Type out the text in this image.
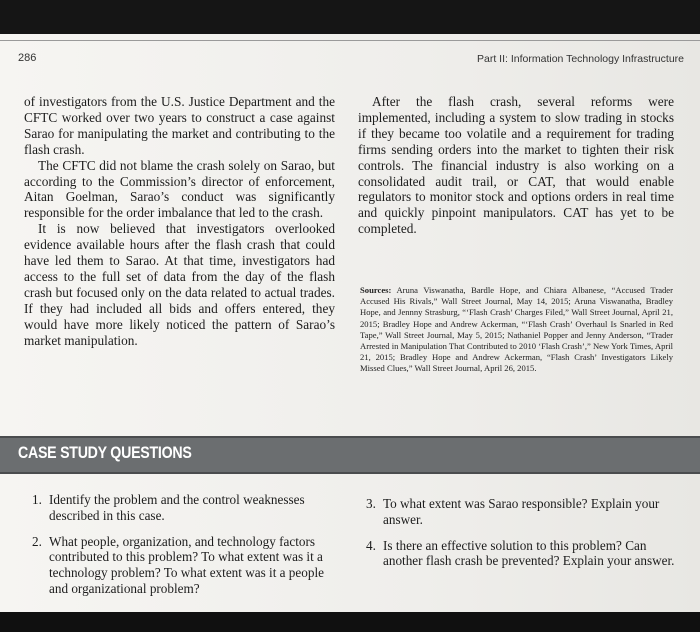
286	Part II: Information Technology Infrastructure

of investigators from the U.S. Justice Department and the CFTC worked over two years to construct a case against Sarao for manipulating the market and contributing to the flash crash.

The CFTC did not blame the crash solely on Sarao, but according to the Commission’s director of enforcement, Aitan Goelman, Sarao’s conduct was significantly responsible for the order imbalance that led to the crash.

It is now believed that investigators overlooked evidence available hours after the flash crash that could have led them to Sarao. At that time, investigators had access to the full set of data from the day of the flash crash but focused only on the data related to actual trades. If they had included all bids and offers entered, they would have more likely noticed the pattern of Sarao’s market manipulation.

After the flash crash, several reforms were implemented, including a system to slow trading in stocks if they became too volatile and a requirement for trading firms sending orders into the market to tighten their risk controls. The financial industry is also working on a consolidated audit trail, or CAT, that would enable regulators to monitor stock and options orders in real time and quickly pinpoint manipulators. CAT has yet to be completed.

Sources: Aruna Viswanatha, Bardle Hope, and Chiara Albanese, “Accused Trader Accused His Rivals,” Wall Street Journal, May 14, 2015; Aruna Viswanatha, Bradley Hope, and Jennny Strasburg, “‘Flash Crash’ Charges Filed,” Wall Street Journal, April 21, 2015; Bradley Hope and Andrew Ackerman, “‘Flash Crash’ Overhaul Is Snarled in Red Tape,” Wall Street Journal, May 5, 2015; Nathaniel Popper and Jenny Anderson, “Trader Arrested in Manipulation That Contributed to 2010 ‘Flash Crash’,” New York Times, April 21, 2015; Bradley Hope and Andrew Ackerman, “Flash Crash’ Investigators Likely Missed Clues,” Wall Street Journal, April 26, 2015.
CASE STUDY QUESTIONS
1. Identify the problem and the control weaknesses described in this case.
2. What people, organization, and technology factors contributed to this problem? To what extent was it a technology problem? To what extent was it a people and organizational problem?
3. To what extent was Sarao responsible? Explain your answer.
4. Is there an effective solution to this problem? Can another flash crash be prevented? Explain your answer.
